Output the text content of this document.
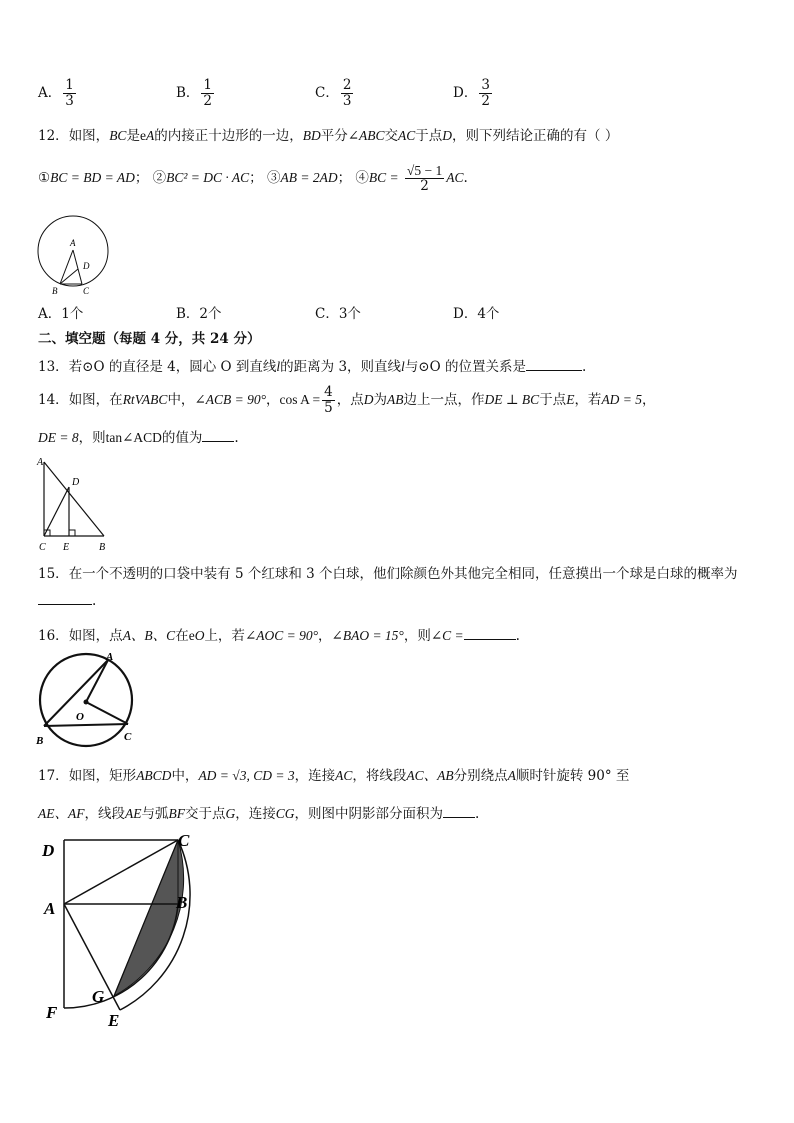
A． $\frac{1}{3}$	B． $\frac{1}{2}$	C． $\frac{2}{3}$	D． $\frac{3}{2}$
12．如图，BC是eA的内接正十边形的一边，BD平分∠ABC交AC于点D，则下列结论正确的有（ ）
①BC = BD = AD； ②BC² = DC · AC； ③AB = 2AD； ④BC = $\frac{√5 - 1}{2}$ AC.
A
D
B	C
A．1个	B．2个	C．3个	D．4个
二、填空题（每题 4 分，共 24 分）
13．若⊙O 的直径是 4，圆心 O 到直线l的距离为 3，则直线l与⊙O 的位置关系是	.
14．如图，在RtVABC中，∠ACB = 90°，$\cos A = \frac{4}{5}$ ，点D为AB边上一点，作DE ⊥ BC于点E，若AD = 5，
DE = 8，则tan∠ACD的值为 .
A
D
C E	B
15．在一个不透明的口袋中装有 5 个红球和 3 个白球，他们除颜色外其他完全相同，任意摸出一个球是白球的概率为
.
16．如图，点A、B、C在eO上，若∠AOC = 90°，∠BAO = 15°，则∠C =	.
A
O
B	C
17．如图，矩形ABCD中，AD = √3, CD = 3，连接AC，将线段AC、AB分别绕点A顺时针旋转 90° 至
AE、AF，线段AE与弧BF交于点G，连接CG，则图中阴影部分面积为 .
D
C
A	B
G
F	E
